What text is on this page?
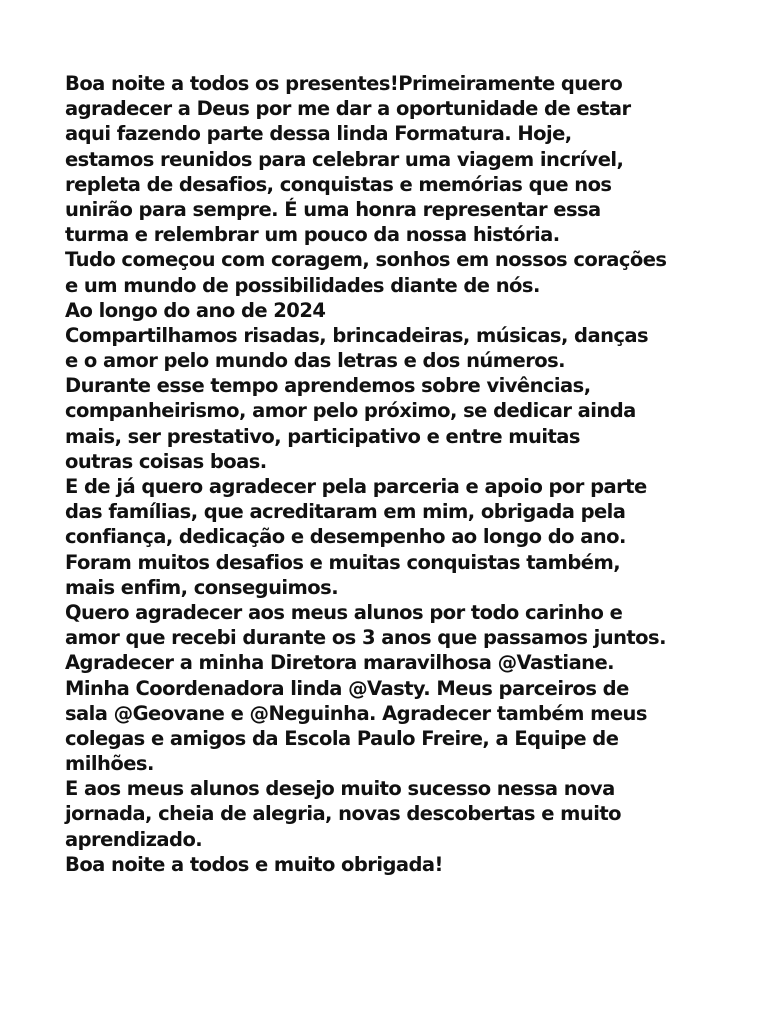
Boa noite a todos os presentes!Primeiramente quero
agradecer a Deus por me dar a oportunidade de estar
aqui fazendo parte dessa linda Formatura. Hoje,
estamos reunidos para celebrar uma viagem incrível,
repleta de desafios, conquistas e memórias que nos
unirão para sempre. É uma honra representar essa
turma e relembrar um pouco da nossa história.
Tudo começou com coragem, sonhos em nossos corações
e um mundo de possibilidades diante de nós.
Ao longo do ano de 2024
Compartilhamos risadas, brincadeiras, músicas, danças
e o amor pelo mundo das letras e dos números.
Durante esse tempo aprendemos sobre vivências,
companheirismo, amor pelo próximo, se dedicar ainda
mais, ser prestativo, participativo e entre muitas
outras coisas boas.
E de já quero agradecer pela parceria e apoio por parte
das famílias, que acreditaram em mim, obrigada pela
confiança, dedicação e desempenho ao longo do ano.
Foram muitos desafios e muitas conquistas também,
mais enfim, conseguimos.
Quero agradecer aos meus alunos por todo carinho e
amor que recebi durante os 3 anos que passamos juntos.
Agradecer a minha Diretora maravilhosa @Vastiane.
Minha Coordenadora linda @Vasty. Meus parceiros de
sala @Geovane e @Neguinha. Agradecer também meus
colegas e amigos da Escola Paulo Freire, a Equipe de
milhões.
E aos meus alunos desejo muito sucesso nessa nova
jornada, cheia de alegria, novas descobertas e muito
aprendizado.
Boa noite a todos e muito obrigada!
